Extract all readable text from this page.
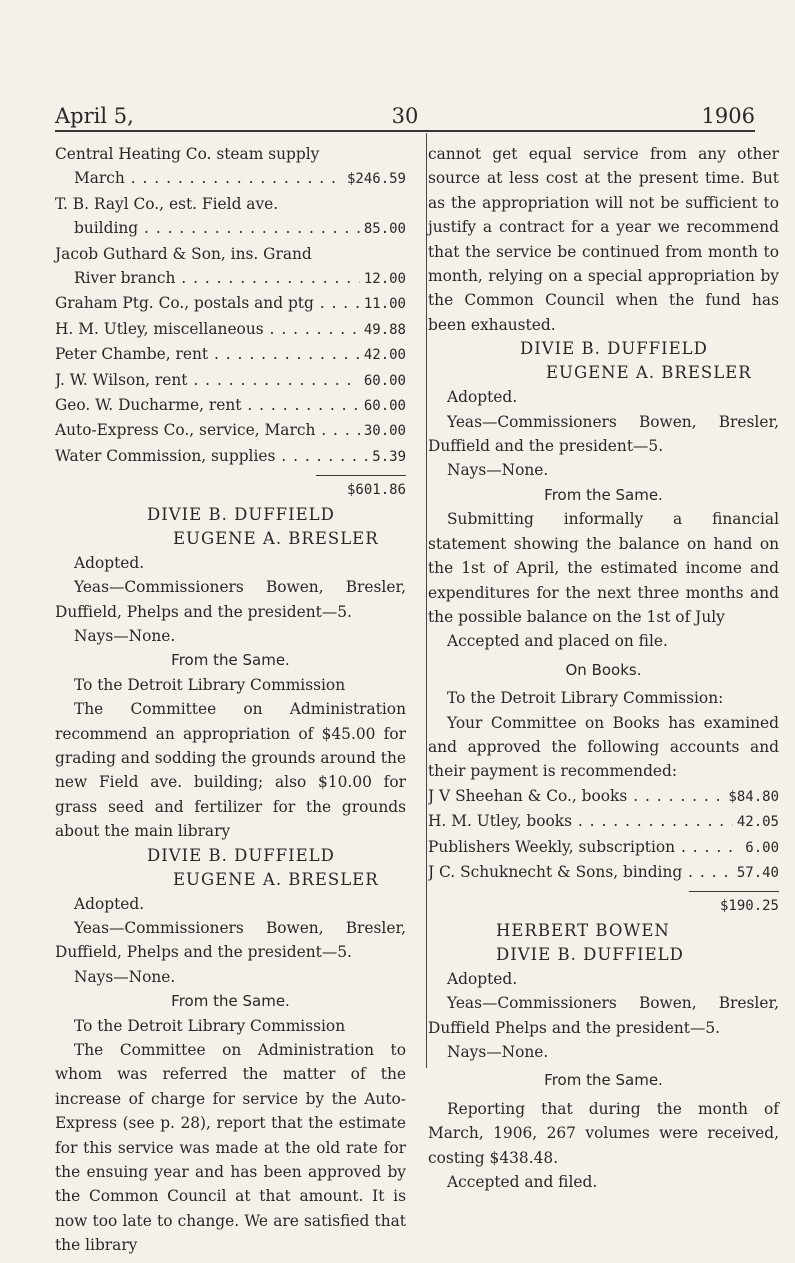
April 5,	30	1906
Central Heating Co. steam supply
March . . .	$246.59
T. B. Rayl Co., est. Field ave.
building . . .	85.00
Jacob Guthard & Son, ins. Grand
River branch . . .	12.00
Graham Ptg. Co., postals and ptg . . .	11.00
H. M. Utley, miscellaneous . . .	49.88
Peter Chambe, rent . . .	42.00
J. W. Wilson, rent . . .	60.00
Geo. W. Ducharme, rent . . .	60.00
Auto-Express Co., service, March . . .	30.00
Water Commission, supplies . . .	5.39
$601.86
DIVIE B. DUFFIELD
EUGENE A. BRESLER
Adopted.
Yeas—Commissioners Bowen, Bresler, Duffield, Phelps and the president—5.
Nays—None.
From the Same.
To the Detroit Library Commission
The Committee on Administration recommend an appropriation of $45.00 for grading and sodding the grounds around the new Field ave. building; also $10.00 for grass seed and fertilizer for the grounds about the main library
DIVIE B. DUFFIELD
EUGENE A. BRESLER
Adopted.
Yeas—Commissioners Bowen, Bresler, Duffield, Phelps and the president—5.
Nays—None.
From the Same.
To the Detroit Library Commission
The Committee on Administration to whom was referred the matter of the increase of charge for service by the Auto-Express (see p. 28), report that the estimate for this service was made at the old rate for the ensuing year and has been approved by the Common Council at that amount. It is now too late to change. We are satisfied that the library
cannot get equal service from any other source at less cost at the present time. But as the appropriation will not be sufficient to justify a contract for a year we recommend that the service be continued from month to month, relying on a special appropriation by the Common Council when the fund has been exhausted.
DIVIE B. DUFFIELD
EUGENE A. BRESLER
Adopted.
Yeas—Commissioners Bowen, Bresler, Duffield and the president—5.
Nays—None.
From the Same.
Submitting informally a financial statement showing the balance on hand on the 1st of April, the estimated income and expenditures for the next three months and the possible balance on the 1st of July
Accepted and placed on file.
On Books.
To the Detroit Library Commission:
Your Committee on Books has examined and approved the following accounts and their payment is recommended:
J V Sheehan & Co., books . . .	$84.80
H. M. Utley, books . . .	42.05
Publishers Weekly, subscription . . .	6.00
J C. Schuknecht & Sons, binding . . .	57.40
$190.25
HERBERT BOWEN
DIVIE B. DUFFIELD
Adopted.
Yeas—Commissioners Bowen, Bresler, Duffield Phelps and the president—5.
Nays—None.
From the Same.
Reporting that during the month of March, 1906, 267 volumes were received, costing $438.48.
Accepted and filed.
